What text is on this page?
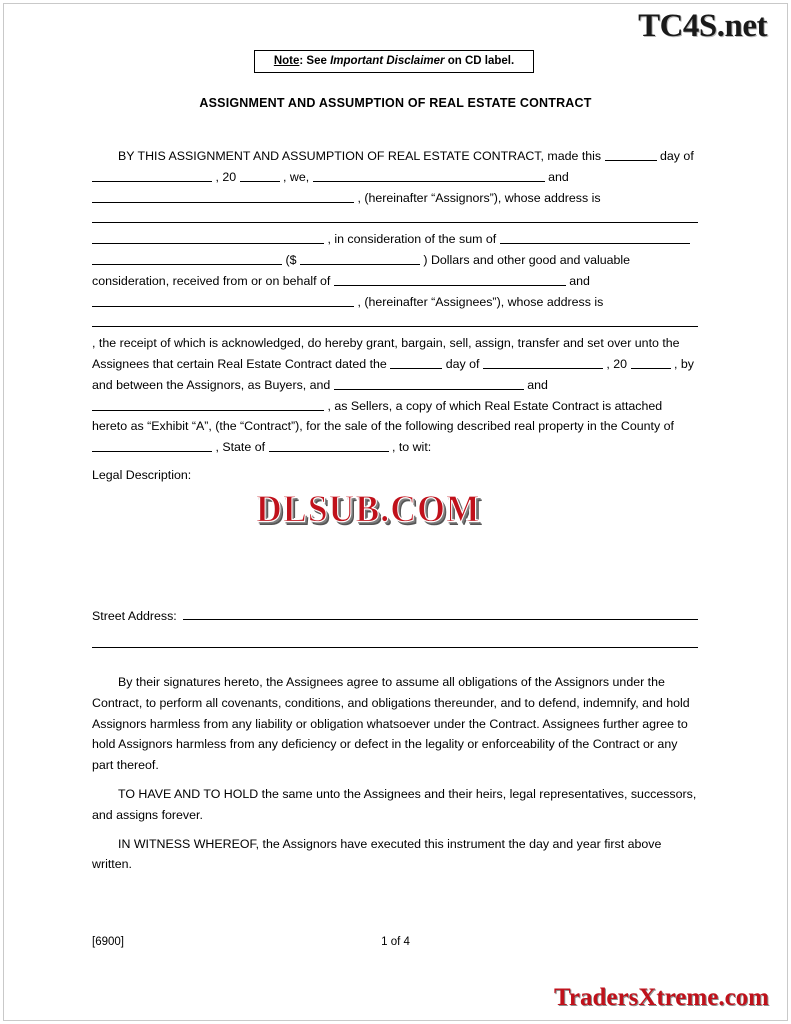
TC4S.net
Note: See Important Disclaimer on CD label.
ASSIGNMENT AND ASSUMPTION OF REAL ESTATE CONTRACT

BY THIS ASSIGNMENT AND ASSUMPTION OF REAL ESTATE CONTRACT, made this	day of  , 20	, we,	and  , (hereinafter “Assignors”), whose address is   , in consideration of the sum of   ($	) Dollars and other good and valuable consideration, received from or on behalf of	and  , (hereinafter “Assignees”), whose address is  , the receipt of which is acknowledged, do hereby grant, bargain, sell, assign, transfer and set over unto the Assignees that certain Real Estate Contract dated the	day of	, 20	, by and between the Assignors, as Buyers, and	and  , as Sellers, a copy of which Real Estate Contract is attached hereto as “Exhibit “A”, (the “Contract”), for the sale of the following described real property in the County of  , State of	, to wit:

Legal Description:
DLSUB.COM
Street Address:

By their signatures hereto, the Assignees agree to assume all obligations of the Assignors under the Contract, to perform all covenants, conditions, and obligations thereunder, and to defend, indemnify, and hold Assignors harmless from any liability or obligation whatsoever under the Contract. Assignees further agree to hold Assignors harmless from any deficiency or defect in the legality or enforceability of the Contract or any part thereof.

TO HAVE AND TO HOLD the same unto the Assignees and their heirs, legal representatives, successors, and assigns forever.

IN WITNESS WHEREOF, the Assignors have executed this instrument the day and year first above written.

[6900]	1 of 4
TradersXtreme.com
